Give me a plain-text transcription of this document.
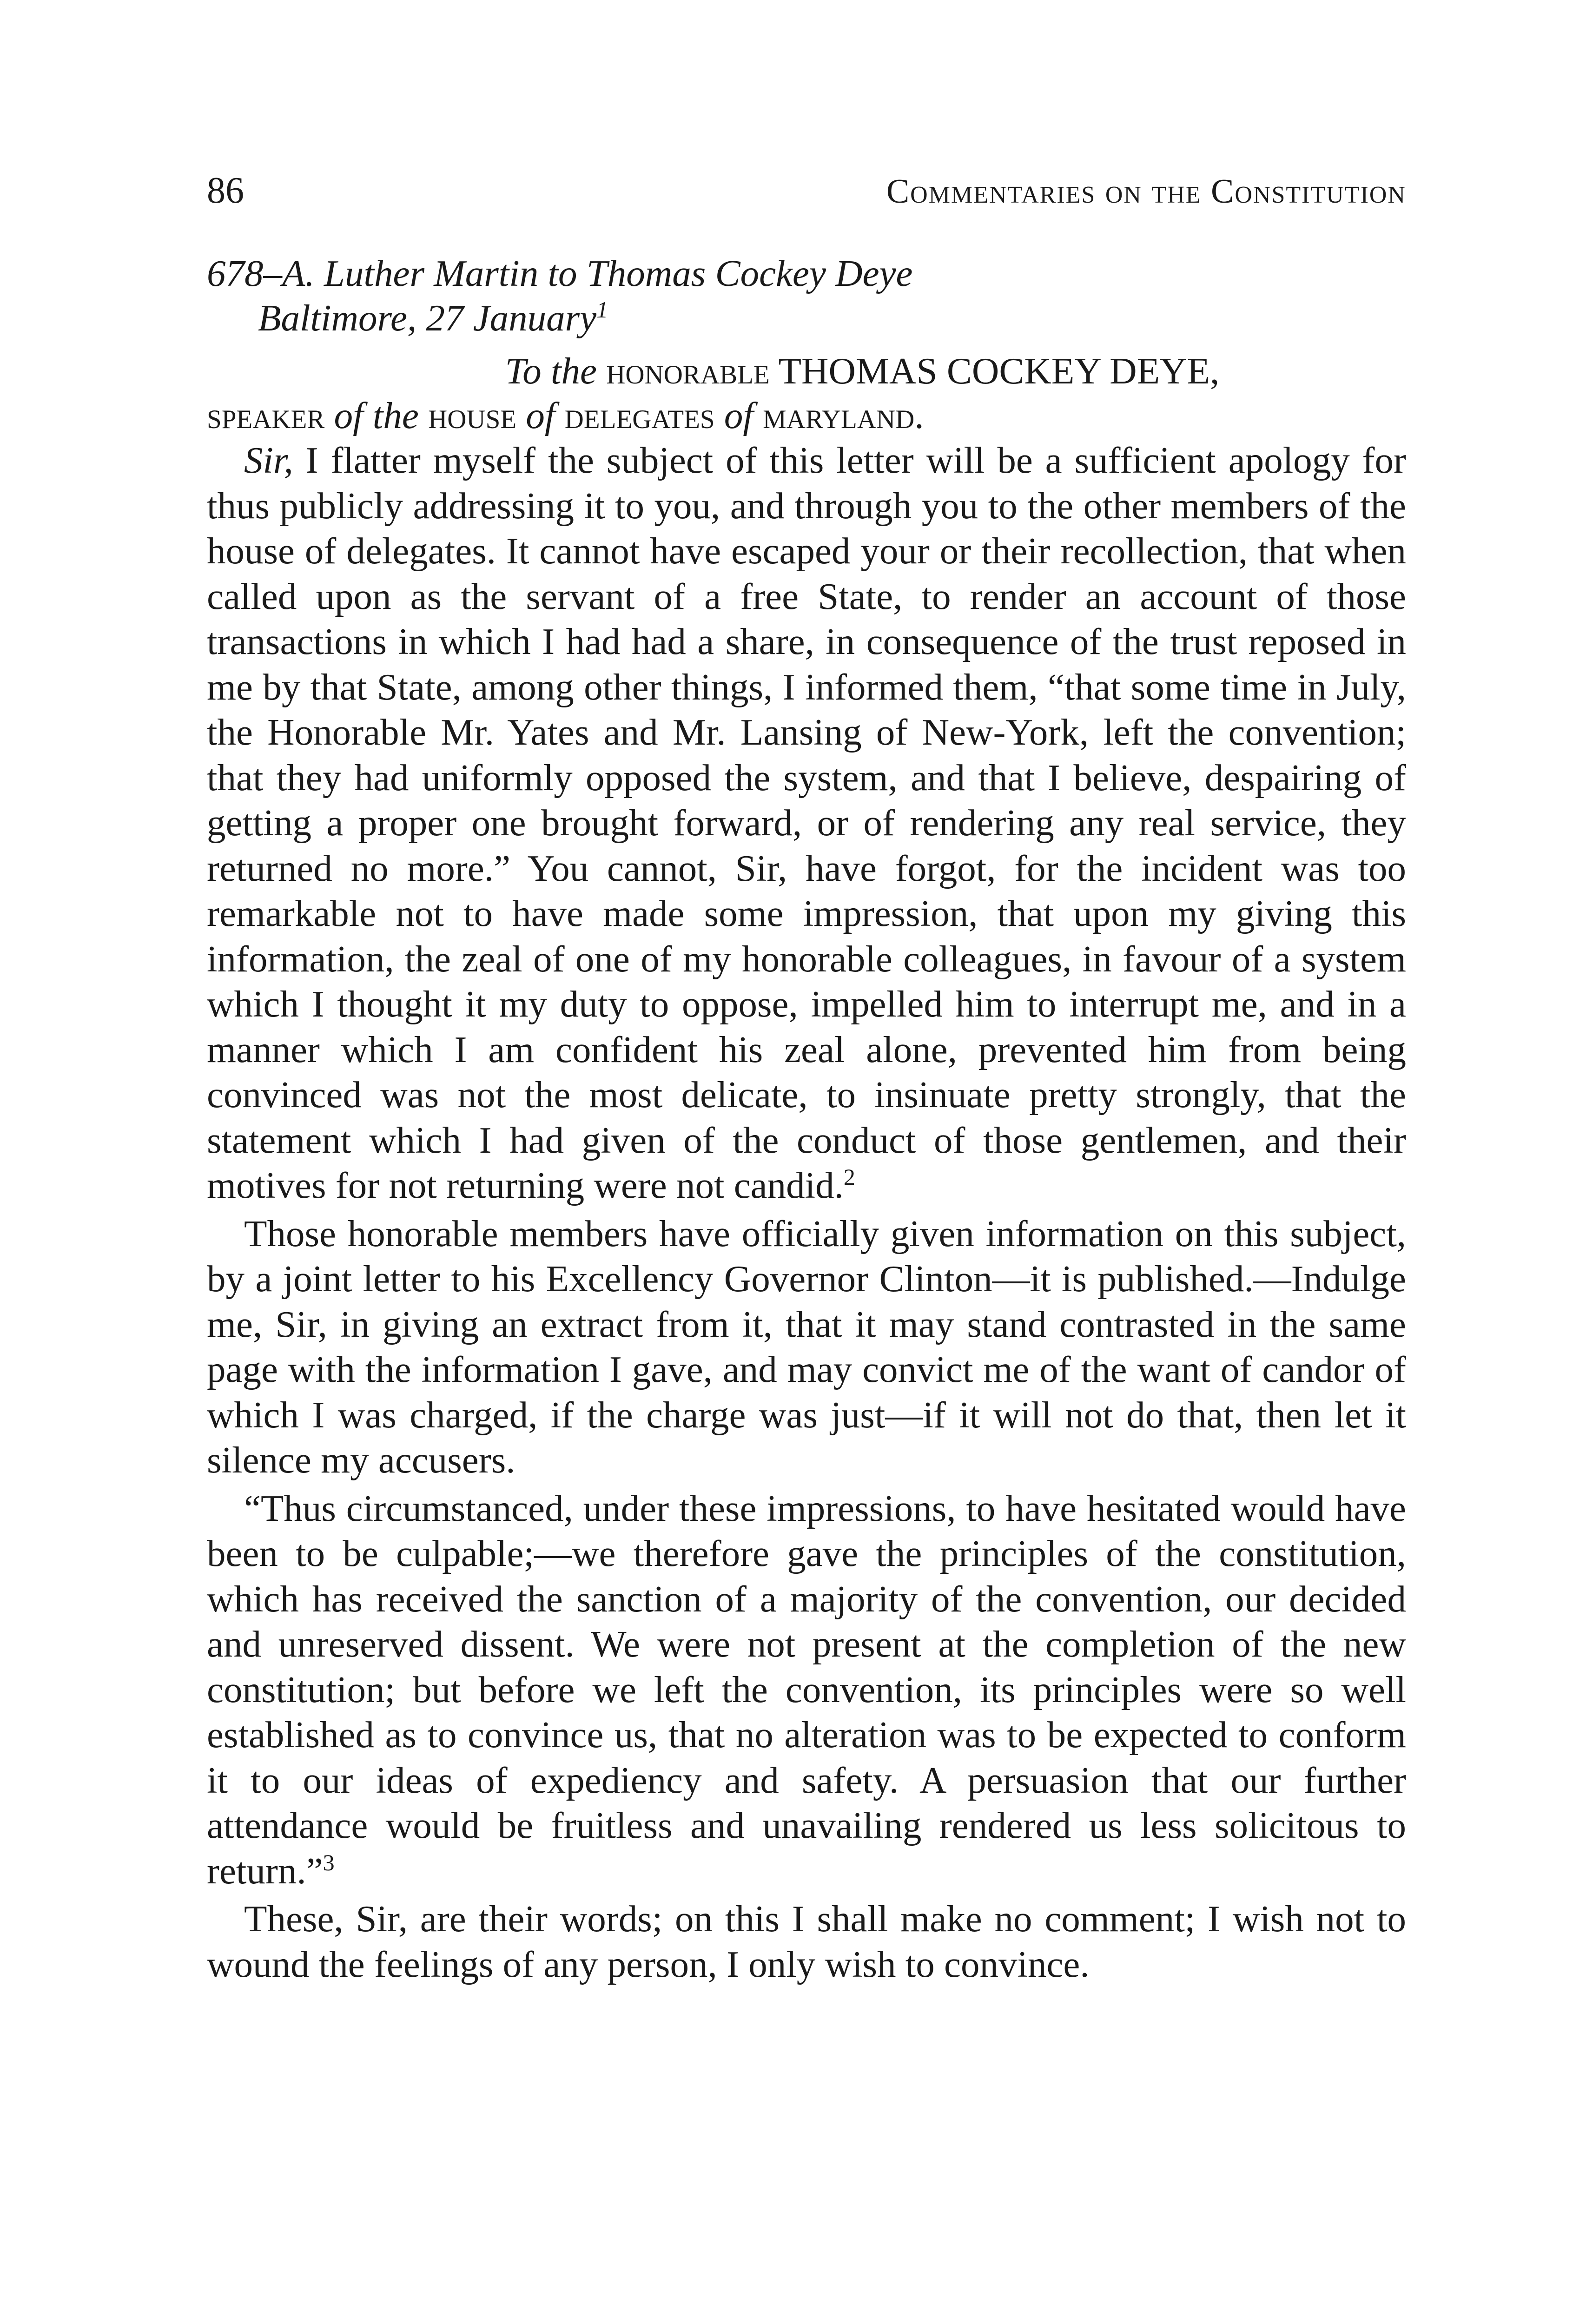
86	Commentaries on the Constitution
678–A. Luther Martin to Thomas Cockey Deye
Baltimore, 27 January$^1$
To the honorable THOMAS COCKEY DEYE,
speaker of the house of delegates of maryland.

Sir, I flatter myself the subject of this letter will be a sufficient apology for thus publicly addressing it to you, and through you to the other members of the house of delegates. It cannot have escaped your or their recollection, that when called upon as the servant of a free State, to render an account of those transactions in which I had had a share, in consequence of the trust reposed in me by that State, among other things, I informed them, “that some time in July, the Honorable Mr. Yates and Mr. Lansing of New-York, left the convention; that they had uniformly opposed the system, and that I believe, despairing of getting a proper one brought forward, or of rendering any real service, they returned no more.” You cannot, Sir, have forgot, for the incident was too remarkable not to have made some impression, that upon my giving this information, the zeal of one of my honorable colleagues, in favour of a system which I thought it my duty to oppose, impelled him to interrupt me, and in a manner which I am confident his zeal alone, prevented him from being convinced was not the most delicate, to insinuate pretty strongly, that the statement which I had given of the conduct of those gentlemen, and their motives for not returning were not candid.$^2$

Those honorable members have officially given information on this subject, by a joint letter to his Excellency Governor Clinton—it is published.—Indulge me, Sir, in giving an extract from it, that it may stand contrasted in the same page with the information I gave, and may convict me of the want of candor of which I was charged, if the charge was just—if it will not do that, then let it silence my accusers.

“Thus circumstanced, under these impressions, to have hesitated would have been to be culpable;—we therefore gave the principles of the constitution, which has received the sanction of a majority of the convention, our decided and unreserved dissent. We were not present at the completion of the new constitution; but before we left the convention, its principles were so well established as to convince us, that no alteration was to be expected to conform it to our ideas of expediency and safety. A persuasion that our further attendance would be fruitless and unavailing rendered us less solicitous to return.”$^3$

These, Sir, are their words; on this I shall make no comment; I wish not to wound the feelings of any person, I only wish to convince.
